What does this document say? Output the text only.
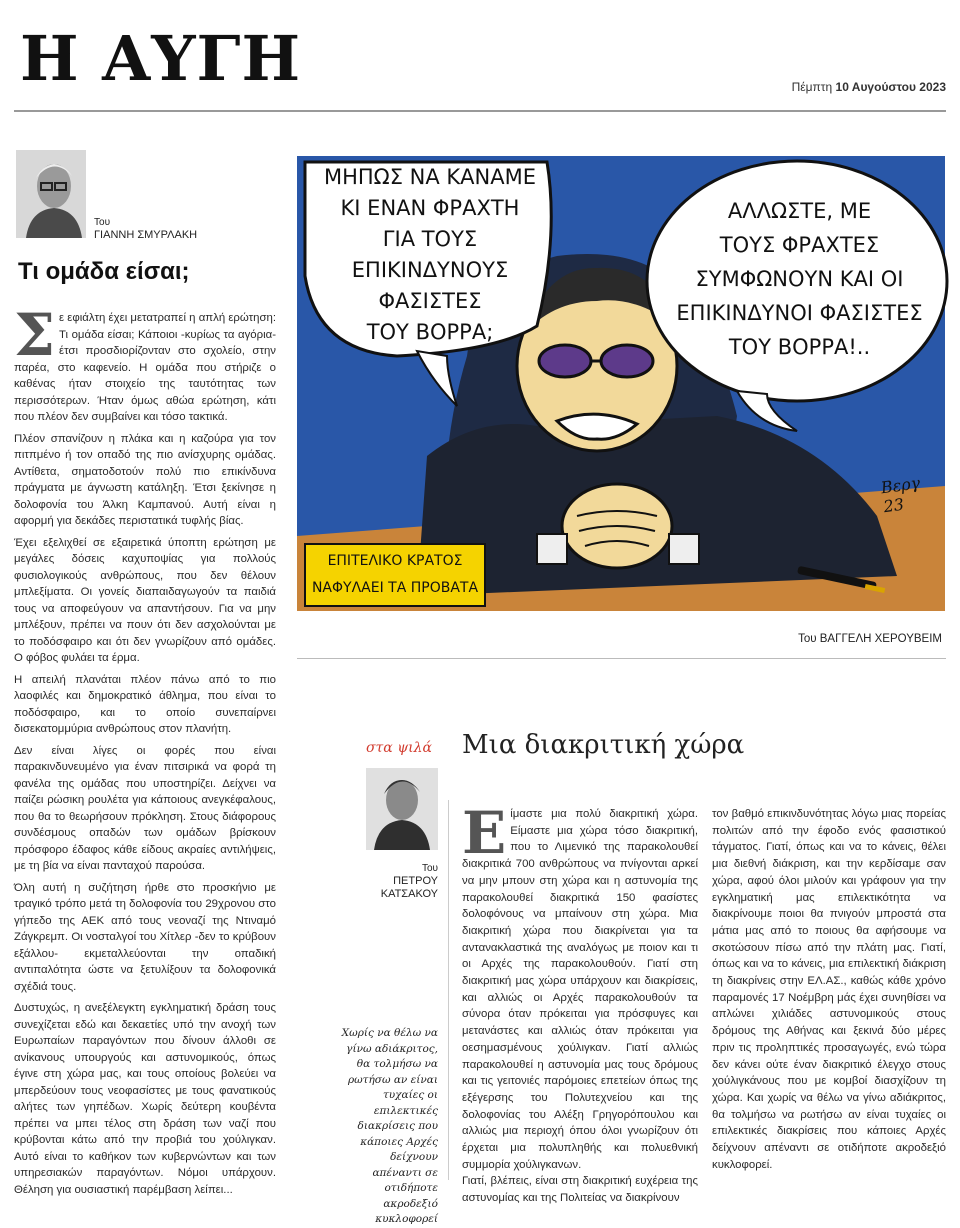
Η ΑΥΓΗ	Πέμπτη 10 Αυγούστου 2023
Του
ΓΙΑΝΝΗ ΣΜΥΡΛΑΚΗ
Τι ομάδα είσαι;

Σε εφιάλτη έχει μετατραπεί η απλή ερώτηση: Τι ομάδα είσαι; Κάποιοι -κυρίως τα αγόρια- έτσι προσδιορίζονταν στο σχολείο, στην παρέα, στο καφενείο. Η ομάδα που στήριζε ο καθένας ήταν στοιχείο της ταυτότητας των περισσότερων. Ήταν όμως αθώα ερώτηση, κάτι που πλέον δεν συμβαίνει και τόσο τακτικά.

Πλέον σπανίζουν η πλάκα και η καζούρα για τον πιτπμένο ή τον οπαδό της πιο ανίσχυρης ομάδας. Αντίθετα, σηματοδοτούν πολύ πιο επικίνδυνα πράγματα με άγνωστη κατάληξη. Έτσι ξεκίνησε η δολοφονία του Άλκη Καμπανού. Αυτή είναι η αφορμή για δεκάδες περιστατικά τυφλής βίας.

Έχει εξελιχθεί σε εξαιρετικά ύποπτη ερώτηση με μεγάλες δόσεις καχυποψίας για πολλούς φυσιολογικούς ανθρώπους, που δεν θέλουν μπλεξίματα. Οι γονείς διαπαιδαγωγούν τα παιδιά τους να αποφεύγουν να απαντήσουν. Για να μην μπλέξουν, πρέπει να πουν ότι δεν ασχολούνται με το ποδόσφαιρο και ότι δεν γνωρίζουν από ομάδες. Ο φόβος φυλάει τα έρμα.

Η απειλή πλανάται πλέον πάνω από το πιο λαοφιλές και δημοκρατικό άθλημα, που είναι το ποδόσφαιρο, και το οποίο συνεπαίρνει δισεκατομμύρια ανθρώπους στον πλανήτη.

Δεν είναι λίγες οι φορές που είναι παρακινδυνευμένο για έναν πιτσιρικά να φορά τη φανέλα της ομάδας που υποστηρίζει. Δείχνει να παίζει ρώσικη ρουλέτα για κάποιους ανεγκέφαλους, που θα το θεωρήσουν πρόκληση. Στους διάφορους συνδέσμους οπαδών των ομάδων βρίσκουν πρόσφορο έδαφος κάθε είδους ακραίες αντιλήψεις, με τη βία να είναι πανταχού παρούσα.

Όλη αυτή η συζήτηση ήρθε στο προσκήνιο με τραγικό τρόπο μετά τη δολοφονία του 29χρονου στο γήπεδο της ΑΕΚ από τους νεοναζί της Ντιναμό Ζάγκρεμπ. Οι νοσταλγοί του Χίτλερ -δεν το κρύβουν εξάλλου- εκμεταλλεύονται την οπαδική αντιπαλότητα ώστε να ξετυλίξουν τα δολοφονικά σχέδιά τους.

Δυστυχώς, η ανεξέλεγκτη εγκληματική δράση τους συνεχίζεται εδώ και δεκαετίες υπό την ανοχή των Ευρωπαίων παραγόντων που δίνουν άλλοθι σε ανίκανους υπουργούς και αστυνομικούς, όπως έγινε στη χώρα μας, και τους οποίους βολεύει να μπερδεύουν τους νεοφασίστες με τους φανατικούς αλήτες των γηπέδων. Χωρίς δεύτερη κουβέντα πρέπει να μπει τέλος στη δράση των ναζί που κρύβονται κάτω από την προβιά του χούλιγκαν. Αυτό είναι το καθήκον των κυβερνώντων και των υπηρεσιακών παραγόντων. Νόμοι υπάρχουν. Θέληση για ουσιαστική παρέμβαση λείπει...

ΜΗΠΩΣ ΝΑ ΚΑΝΑΜΕ
ΚΙ ΕΝΑΝ ΦΡΑΧΤΗ
ΓΙΑ ΤΟΥΣ ΕΠΙΚΙΝΔΥΝΟΥΣ
ΦΑΣΙΣΤΕΣ
ΤΟΥ ΒΟΡΡΑ;
ΑΛΛΩΣΤΕ, ΜΕ
ΤΟΥΣ ΦΡΑΧΤΕΣ
ΣΥΜΦΩΝΟΥΝ ΚΑΙ ΟΙ
ΕΠΙΚΙΝΔΥΝΟΙ ΦΑΣΙΣΤΕΣ
ΤΟΥ ΒΟΡΡΑ!..
ΕΠΙΤΕΛΙΚΟ ΚΡΑΤΟΣ
ΝΑΦΥΛΑΕΙ ΤΑ ΠΡΟΒΑΤΑ
Βεργ 23
Του ΒΑΓΓΕΛΗ ΧΕΡΟΥΒΕΙΜ
στα ψιλά Μια διακριτική χώρα
Του
ΠΕΤΡΟΥ
ΚΑΤΣΑΚΟΥ
Χωρίς να θέλω να γίνω αδιάκριτος, θα τολμήσω να ρωτήσω αν είναι τυχαίες οι επιλεκτικές διακρίσεις που κάποιες Αρχές δείχνουν απέναντι σε οτιδήποτε ακροδεξιό κυκλοφορεί

Είμαστε μια πολύ διακριτική χώρα. Είμαστε μια χώρα τόσο διακριτική, που το Λιμενικό της παρακολουθεί διακριτικά 700 ανθρώπους να πνίγονται αρκεί να μην μπουν στη χώρα και η αστυνομία της παρακολουθεί διακριτικά 150 φασίστες δολοφόνους να μπαίνουν στη χώρα. Μια διακριτική χώρα που διακρίνεται για τα αντανακλαστικά της αναλόγως με ποιον και τι οι Αρχές της παρακολουθούν. Γιατί στη διακριτική μας χώρα υπάρχουν και διακρίσεις, και αλλιώς οι Αρχές παρακολουθούν τα σύνορα όταν πρόκειται για πρόσφυγες και μετανάστες και αλλιώς όταν πρόκειται για οεσημασμένους χούλιγκαν. Γιατί αλλιώς παρακολουθεί η αστυνομία μας τους δρόμους και τις γειτονιές παρόμοιες επετείων όπως της εξέγερσης του Πολυτεχνείου και της δολοφονίας του Αλέξη Γρηγορόπουλου και αλλιώς μια περιοχή όπου όλοι γνωρίζουν ότι έρχεται μια πολυπληθής και πολυεθνική συμμορία χούλιγκανων.

Γιατί, βλέπεις, είναι στη διακριτική ευχέρεια της αστυνομίας και της Πολιτείας να διακρίνουν

τον βαθμό επικινδυνότητας λόγω μιας πορείας πολιτών από την έφοδο ενός φασιστικού τάγματος. Γιατί, όπως και να το κάνεις, θέλει μια διεθνή διάκριση, και την κερδίσαμε σαν χώρα, αφού όλοι μιλούν και γράφουν για την εγκληματική μας επιλεκτικότητα να διακρίνουμε ποιοι θα πνιγούν μπροστά στα μάτια μας από το ποιους θα αφήσουμε να σκοτώσουν πίσω από την πλάτη μας. Γιατί, όπως και να το κάνεις, μια επιλεκτική διάκριση τη διακρίνεις στην ΕΛ.ΑΣ., καθώς κάθε χρόνο παραμονές 17 Νοέμβρη μάς έχει συνηθίσει να απλώνει χιλιάδες αστυνομικούς στους δρόμους της Αθήνας και ξεκινά δύο μέρες πριν τις προληπτικές προσαγωγές, ενώ τώρα δεν κάνει ούτε έναν διακριτικό έλεγχο στους χούλιγκάνους που με κομβοί διασχίζουν τη χώρα. Και χωρίς να θέλω να γίνω αδιάκριτος, θα τολμήσω να ρωτήσω αν είναι τυχαίες οι επιλεκτικές διακρίσεις που κάποιες Αρχές δείχνουν απέναντι σε οτιδήποτε ακροδεξιό κυκλοφορεί.
